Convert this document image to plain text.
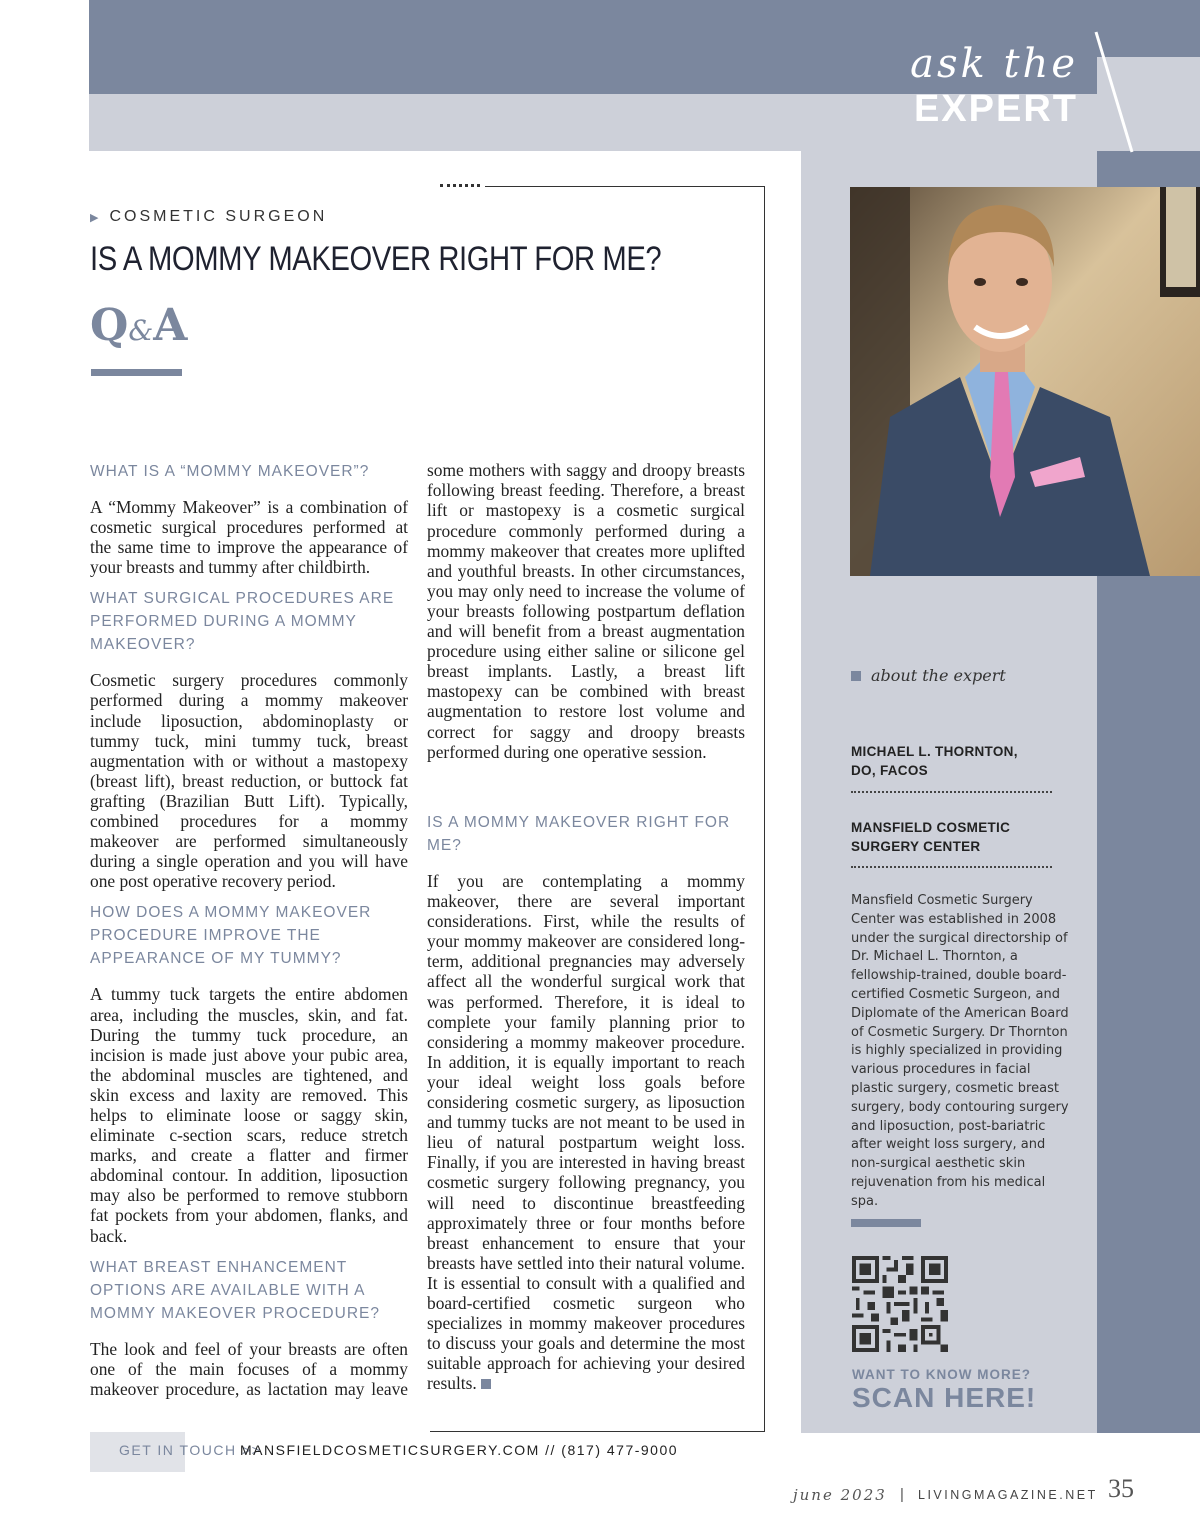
ask the
EXPERT
▶ COSMETIC SURGEON
IS A MOMMY MAKEOVER RIGHT FOR ME?
Q&A
WHAT IS A “MOMMY MAKEOVER”?
A “Mommy Makeover” is a combination of cosmetic surgical procedures performed at the same time to improve the appearance of your breasts and tummy after childbirth.
WHAT SURGICAL PROCEDURES ARE PERFORMED DURING A MOMMY MAKEOVER?
Cosmetic surgery procedures commonly performed during a mommy makeover include liposuction, abdominoplasty or tummy tuck, mini tummy tuck, breast augmentation with or without a mastopexy (breast lift), breast reduction, or buttock fat grafting (Brazilian Butt Lift). Typically, combined procedures for a mommy makeover are performed simultaneously during a single operation and you will have one post operative recovery period.
HOW DOES A MOMMY MAKEOVER PROCEDURE IMPROVE THE APPEARANCE OF MY TUMMY?
A tummy tuck targets the entire abdomen area, including the muscles, skin, and fat. During the tummy tuck procedure, an incision is made just above your pubic area, the abdominal muscles are tightened, and skin excess and laxity are removed. This helps to eliminate loose or saggy skin, eliminate c-section scars, reduce stretch marks, and create a flatter and firmer abdominal contour. In addition, liposuction may also be performed to remove stubborn fat pockets from your abdomen, flanks, and back.
WHAT BREAST ENHANCEMENT OPTIONS ARE AVAILABLE WITH A MOMMY MAKEOVER PROCEDURE?
The look and feel of your breasts are often one of the main focuses of a mommy makeover procedure, as lactation may leave
some mothers with saggy and droopy breasts following breast feeding. Therefore, a breast lift or mastopexy is a cosmetic surgical procedure commonly performed during a mommy makeover that creates more uplifted and youthful breasts. In other circumstances, you may only need to increase the volume of your breasts following postpartum deflation and will benefit from a breast augmentation procedure using either saline or silicone gel breast implants. Lastly, a breast lift mastopexy can be combined with breast augmentation to restore lost volume and correct for saggy and droopy breasts performed during one operative session.
IS A MOMMY MAKEOVER RIGHT FOR ME?
If you are contemplating a mommy makeover, there are several important considerations. First, while the results of your mommy makeover are considered long-term, additional pregnancies may adversely affect all the wonderful surgical work that was performed. Therefore, it is ideal to complete your family planning prior to considering a mommy makeover procedure. In addition, it is equally important to reach your ideal weight loss goals before considering cosmetic surgery, as liposuction and tummy tucks are not meant to be used in lieu of natural postpartum weight loss. Finally, if you are interested in having breast cosmetic surgery following pregnancy, you will need to discontinue breastfeeding approximately three or four months before breast enhancement to ensure that your breasts have settled into their natural volume. It is essential to consult with a qualified and board-certified cosmetic surgeon who specializes in mommy makeover procedures to discuss your goals and determine the most suitable approach for achieving your desired results.
about the expert
MICHAEL L. THORNTON,
DO, FACOS
MANSFIELD COSMETIC
SURGERY CENTER
Mansfield Cosmetic Surgery Center was established in 2008 under the surgical directorship of Dr. Michael L. Thornton, a fellowship-trained, double board-certified Cosmetic Surgeon, and Diplomate of the American Board of Cosmetic Surgery. Dr Thornton is highly specialized in providing various procedures in facial plastic surgery, cosmetic breast surgery, body contouring surgery and liposuction, post-bariatric after weight loss surgery, and non-surgical aesthetic skin rejuvenation from his medical spa.
WANT TO KNOW MORE?
SCAN HERE!
GET IN TOUCH >>
MANSFIELDCOSMETICSURGERY.COM // (817) 477-9000
june 2023 | LIVINGMAGAZINE.NET 35
